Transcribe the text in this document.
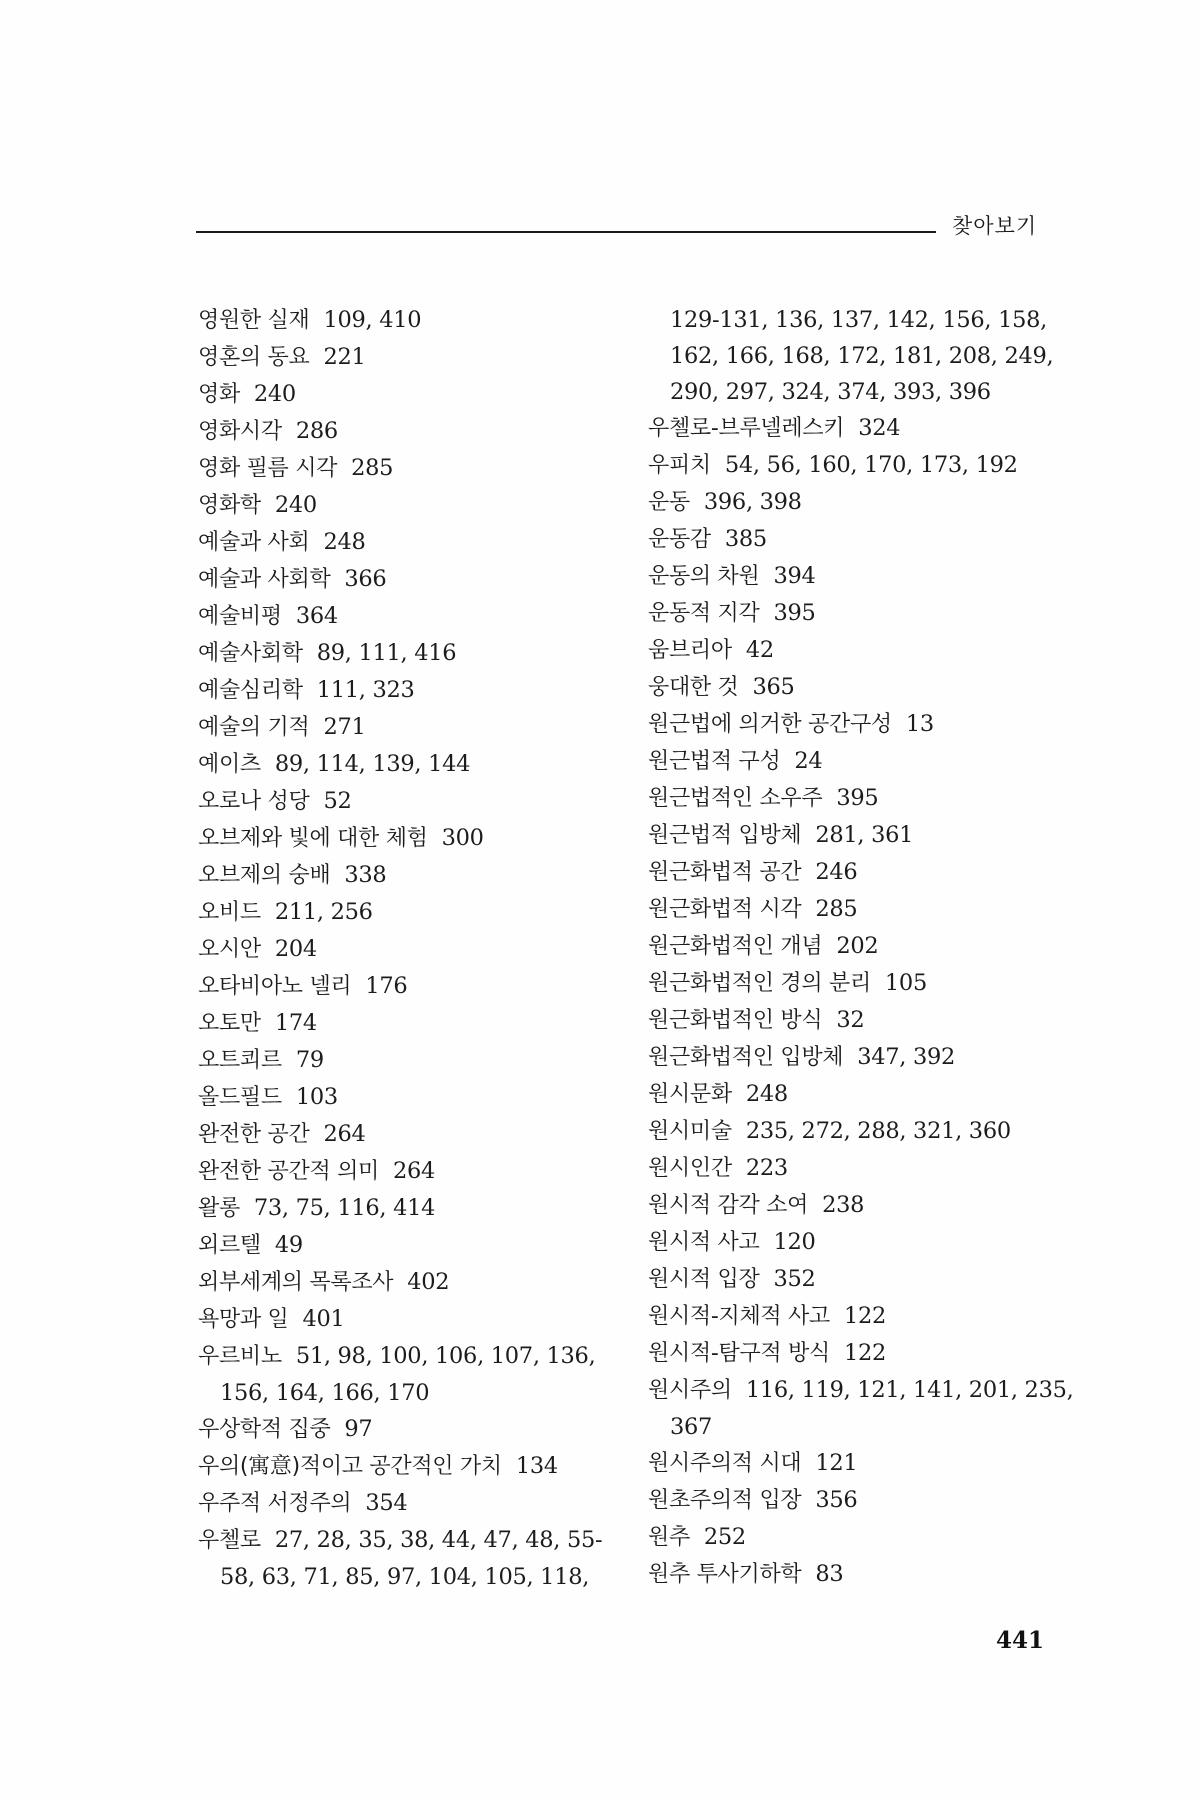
찾아보기
영원한 실재 109, 410
영혼의 동요 221
영화 240
영화시각 286
영화 필름 시각 285
영화학 240
예술과 사회 248
예술과 사회학 366
예술비평 364
예술사회학 89, 111, 416
예술심리학 111, 323
예술의 기적 271
예이츠 89, 114, 139, 144
오로나 성당 52
오브제와 빛에 대한 체험 300
오브제의 숭배 338
오비드 211, 256
오시안 204
오타비아노 넬리 176
오토만 174
오트쾨르 79
올드필드 103
완전한 공간 264
완전한 공간적 의미 264
왈롱 73, 75, 116, 414
외르텔 49
외부세계의 목록조사 402
욕망과 일 401
우르비노 51, 98, 100, 106, 107, 136,
156, 164, 166, 170
우상학적 집중 97
우의(寓意)적이고 공간적인 가치 134
우주적 서정주의 354
우첼로 27, 28, 35, 38, 44, 47, 48, 55-
58, 63, 71, 85, 97, 104, 105, 118,
129-131, 136, 137, 142, 156, 158,
162, 166, 168, 172, 181, 208, 249,
290, 297, 324, 374, 393, 396
우첼로-브루넬레스키 324
우피치 54, 56, 160, 170, 173, 192
운동 396, 398
운동감 385
운동의 차원 394
운동적 지각 395
움브리아 42
웅대한 것 365
원근법에 의거한 공간구성 13
원근법적 구성 24
원근법적인 소우주 395
원근법적 입방체 281, 361
원근화법적 공간 246
원근화법적 시각 285
원근화법적인 개념 202
원근화법적인 경의 분리 105
원근화법적인 방식 32
원근화법적인 입방체 347, 392
원시문화 248
원시미술 235, 272, 288, 321, 360
원시인간 223
원시적 감각 소여 238
원시적 사고 120
원시적 입장 352
원시적-지체적 사고 122
원시적-탐구적 방식 122
원시주의 116, 119, 121, 141, 201, 235,
367
원시주의적 시대 121
원초주의적 입장 356
원추 252
원추 투사기하학 83
441
